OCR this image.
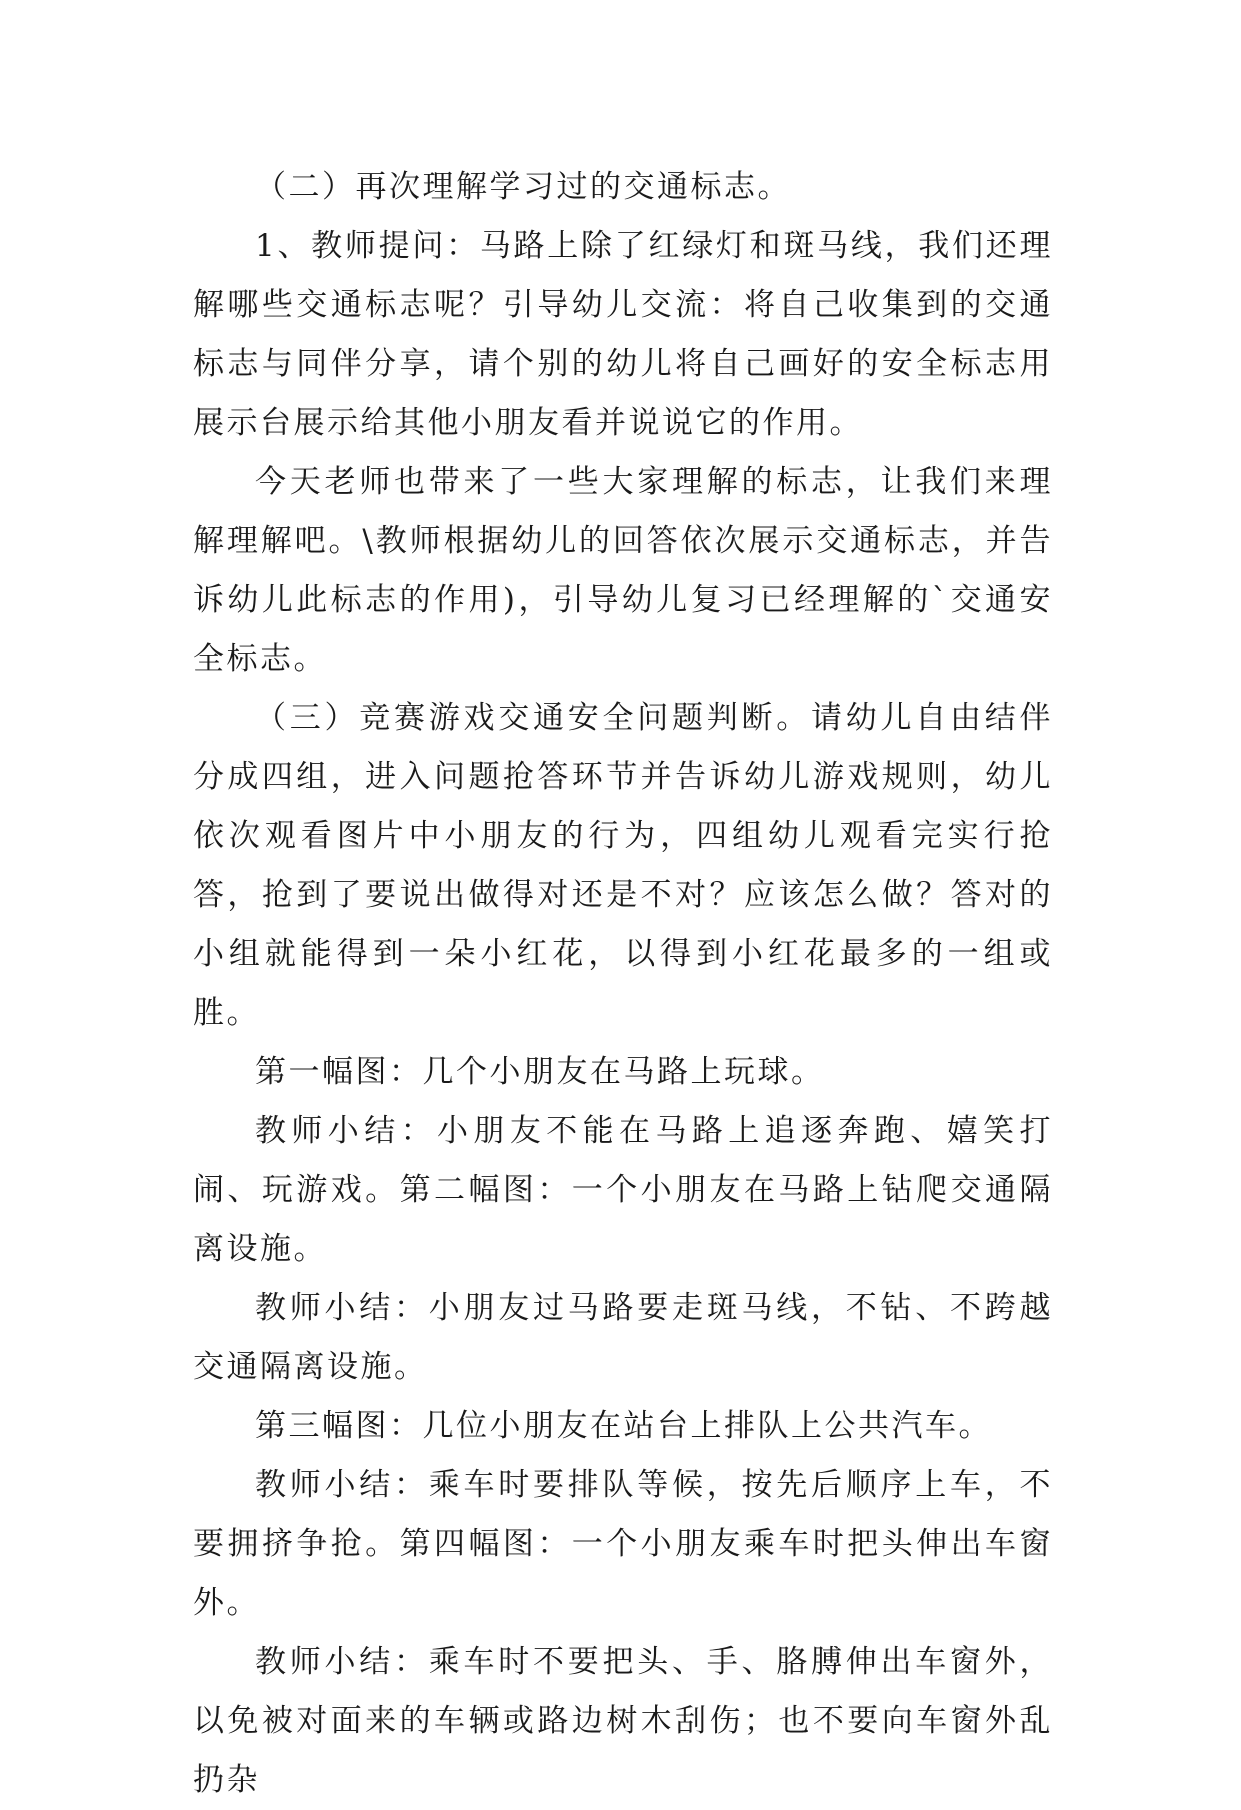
（二）再次理解学习过的交通标志。

1、教师提问：马路上除了红绿灯和斑马线，我们还理解哪些交通标志呢？引导幼儿交流：将自己收集到的交通标志与同伴分享，请个别的幼儿将自己画好的安全标志用展示台展示给其他小朋友看并说说它的作用。

今天老师也带来了一些大家理解的标志，让我们来理解理解吧。\教师根据幼儿的回答依次展示交通标志，并告诉幼儿此标志的作用)，引导幼儿复习已经理解的`交通安全标志。

（三）竞赛游戏交通安全问题判断。请幼儿自由结伴分成四组，进入问题抢答环节并告诉幼儿游戏规则，幼儿依次观看图片中小朋友的行为，四组幼儿观看完实行抢答，抢到了要说出做得对还是不对？应该怎么做？答对的小组就能得到一朵小红花，以得到小红花最多的一组或胜。

第一幅图：几个小朋友在马路上玩球。

教师小结：小朋友不能在马路上追逐奔跑、嬉笑打闹、玩游戏。第二幅图：一个小朋友在马路上钻爬交通隔离设施。

教师小结：小朋友过马路要走斑马线，不钻、不跨越交通隔离设施。

第三幅图：几位小朋友在站台上排队上公共汽车。

教师小结：乘车时要排队等候，按先后顺序上车，不要拥挤争抢。第四幅图：一个小朋友乘车时把头伸出车窗外。

教师小结：乘车时不要把头、手、胳膊伸出车窗外，以免被对面来的车辆或路边树木刮伤；也不要向车窗外乱扔杂
